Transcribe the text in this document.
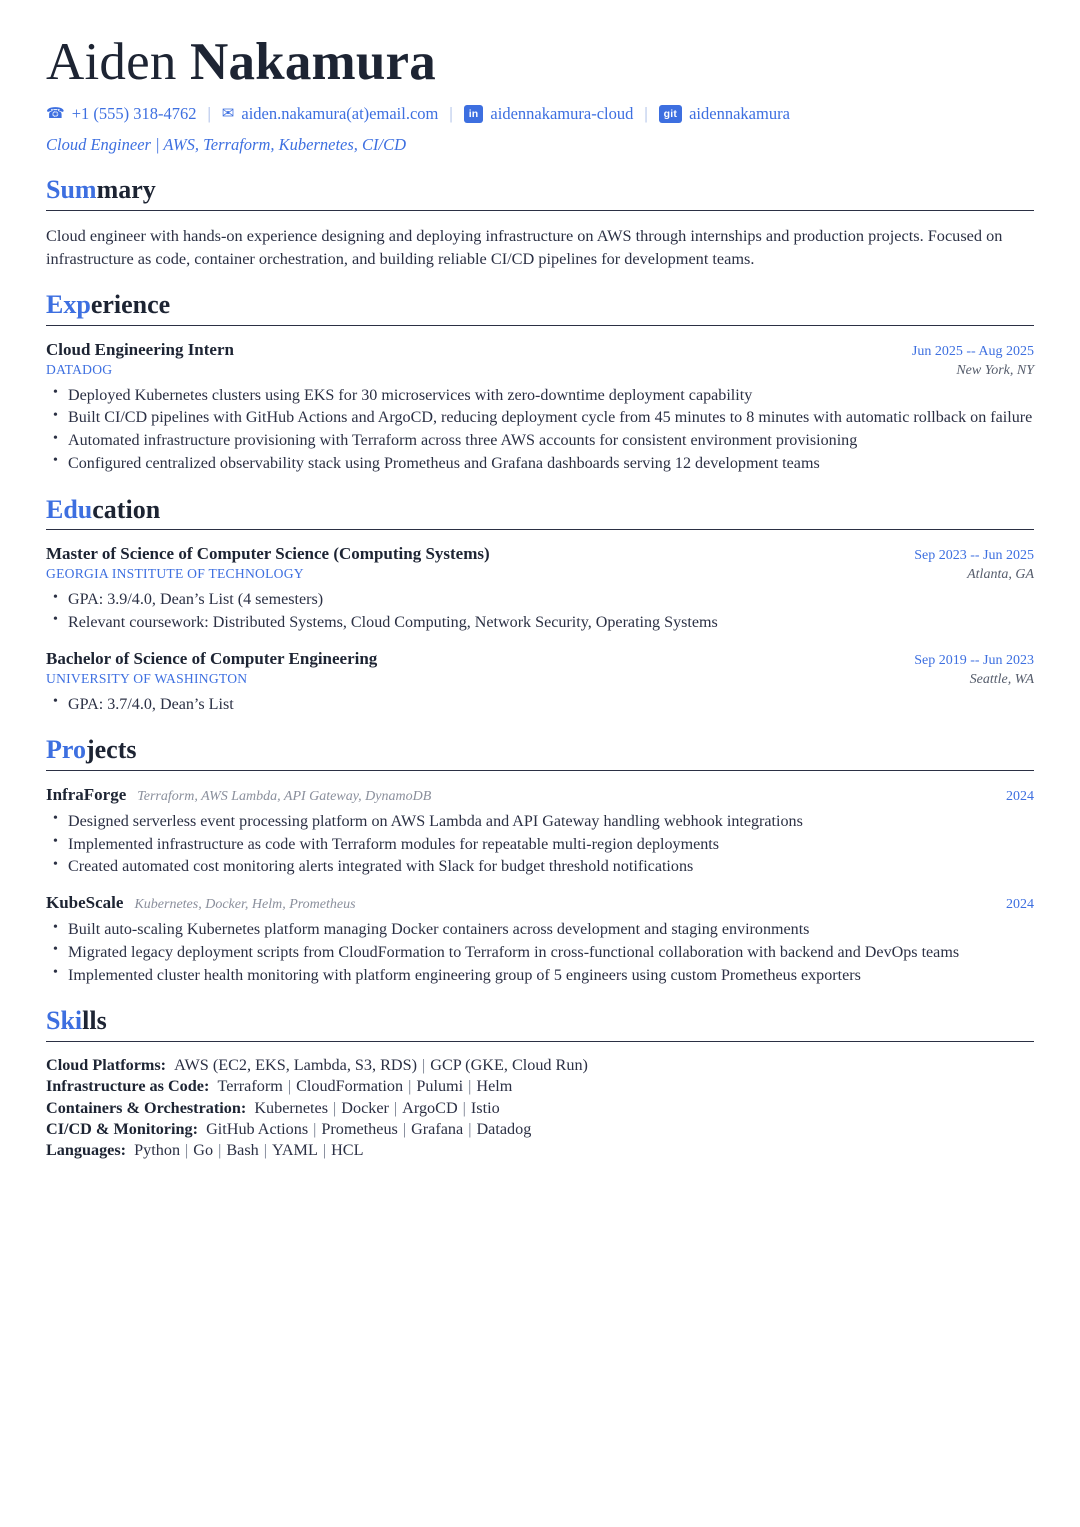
Aiden Nakamura
☎ +1 (555) 318-4762 | ✉ aiden.nakamura(at)email.com |	in aidennakamura-cloud |	git aidennakamura
Cloud Engineer | AWS, Terraform, Kubernetes, CI/CD
Summary

Cloud engineer with hands-on experience designing and deploying infrastructure on AWS through internships and production projects. Focused on infrastructure as code, container orchestration, and building reliable CI/CD pipelines for development teams.

Experience
Cloud Engineering Intern	Jun 2025 -- Aug 2025
DATADOG	New York, NY
• Deployed Kubernetes clusters using EKS for 30 microservices with zero-downtime deployment capability
• Built CI/CD pipelines with GitHub Actions and ArgoCD, reducing deployment cycle from 45 minutes to 8 minutes with automatic rollback on failure
• Automated infrastructure provisioning with Terraform across three AWS accounts for consistent environment provisioning
• Configured centralized observability stack using Prometheus and Grafana dashboards serving 12 development teams
Education
Master of Science of Computer Science (Computing Systems)	Sep 2023 -- Jun 2025
GEORGIA INSTITUTE OF TECHNOLOGY	Atlanta, GA
• GPA: 3.9/4.0, Dean’s List (4 semesters)
• Relevant coursework: Distributed Systems, Cloud Computing, Network Security, Operating Systems
Bachelor of Science of Computer Engineering	Sep 2019 -- Jun 2023
UNIVERSITY OF WASHINGTON	Seattle, WA
• GPA: 3.7/4.0, Dean’s List
Projects
InfraForge Terraform, AWS Lambda, API Gateway, DynamoDB	2024
• Designed serverless event processing platform on AWS Lambda and API Gateway handling webhook integrations
• Implemented infrastructure as code with Terraform modules for repeatable multi-region deployments
• Created automated cost monitoring alerts integrated with Slack for budget threshold notifications
KubeScale Kubernetes, Docker, Helm, Prometheus	2024
• Built auto-scaling Kubernetes platform managing Docker containers across development and staging environments
• Migrated legacy deployment scripts from CloudFormation to Terraform in cross-functional collaboration with backend and DevOps teams
• Implemented cluster health monitoring with platform engineering group of 5 engineers using custom Prometheus exporters
Skills
Cloud Platforms: AWS (EC2, EKS, Lambda, S3, RDS) | GCP (GKE, Cloud Run)
Infrastructure as Code: Terraform | CloudFormation | Pulumi | Helm
Containers & Orchestration: Kubernetes | Docker | ArgoCD | Istio
CI/CD & Monitoring: GitHub Actions | Prometheus | Grafana | Datadog
Languages: Python | Go | Bash | YAML | HCL
